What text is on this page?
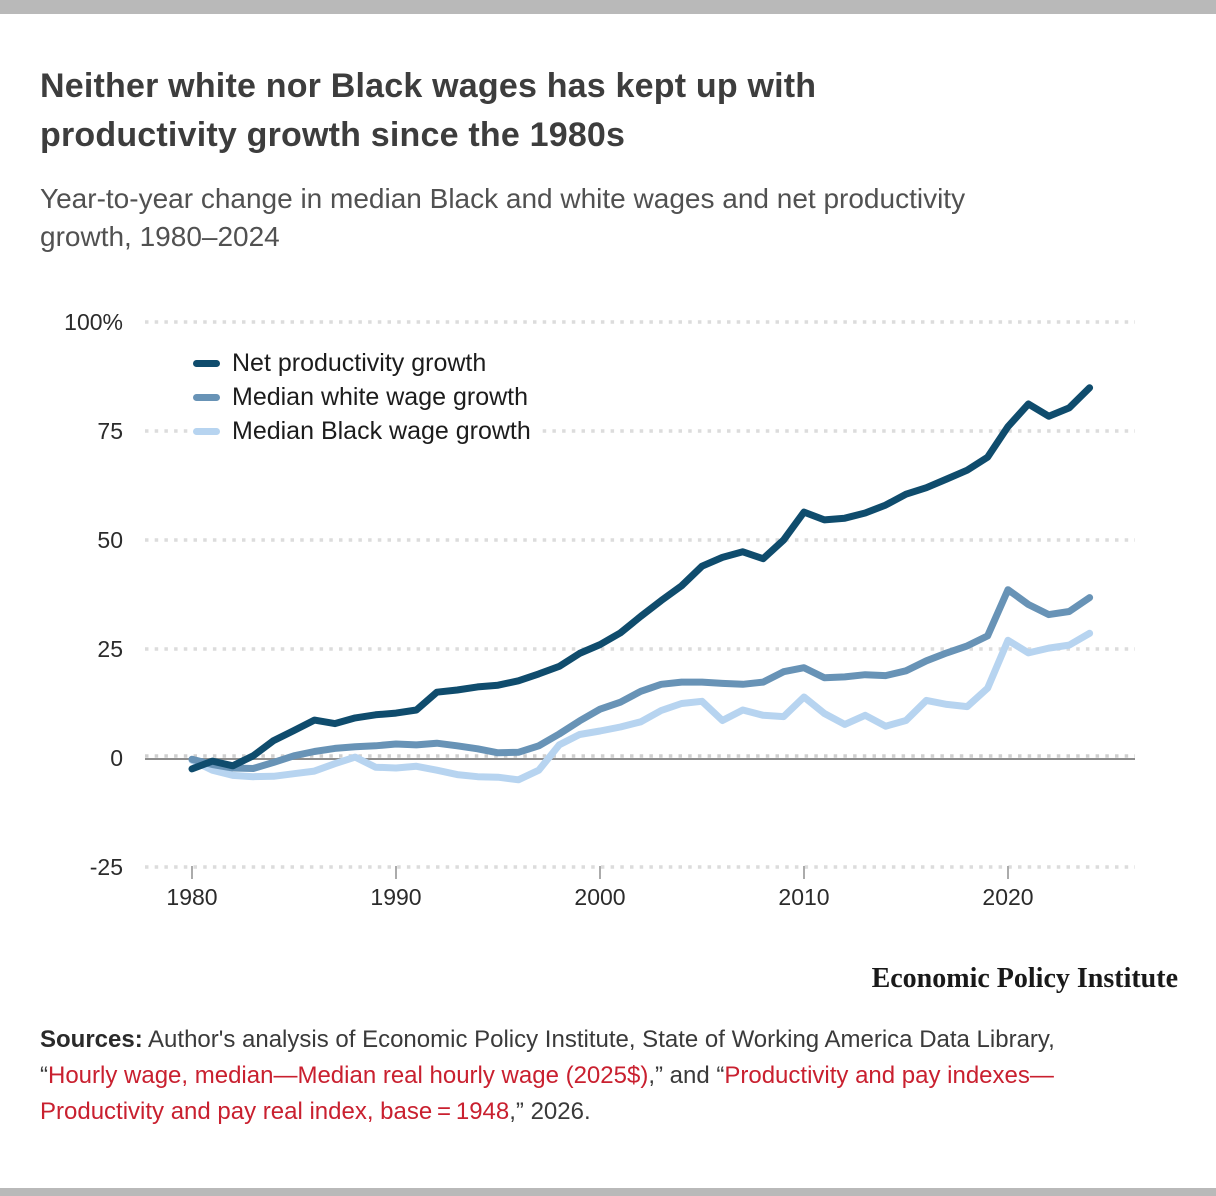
Neither white nor Black wages has kept up with
productivity growth since the 1980s

Year-to-year change in median Black and white wages and net productivity
growth, 1980–2024

100%
75
50
25
0
-25
1980	1990	2000	2010	2020
Net productivity growth
Median white wage growth
Median Black wage growth
Economic Policy Institute
Sources: Author's analysis of Economic Policy Institute, State of Working America Data Library,
“Hourly wage, median—Median real hourly wage (2025$),” and “Productivity and pay indexes—
Productivity and pay real index, base = 1948,” 2026.
